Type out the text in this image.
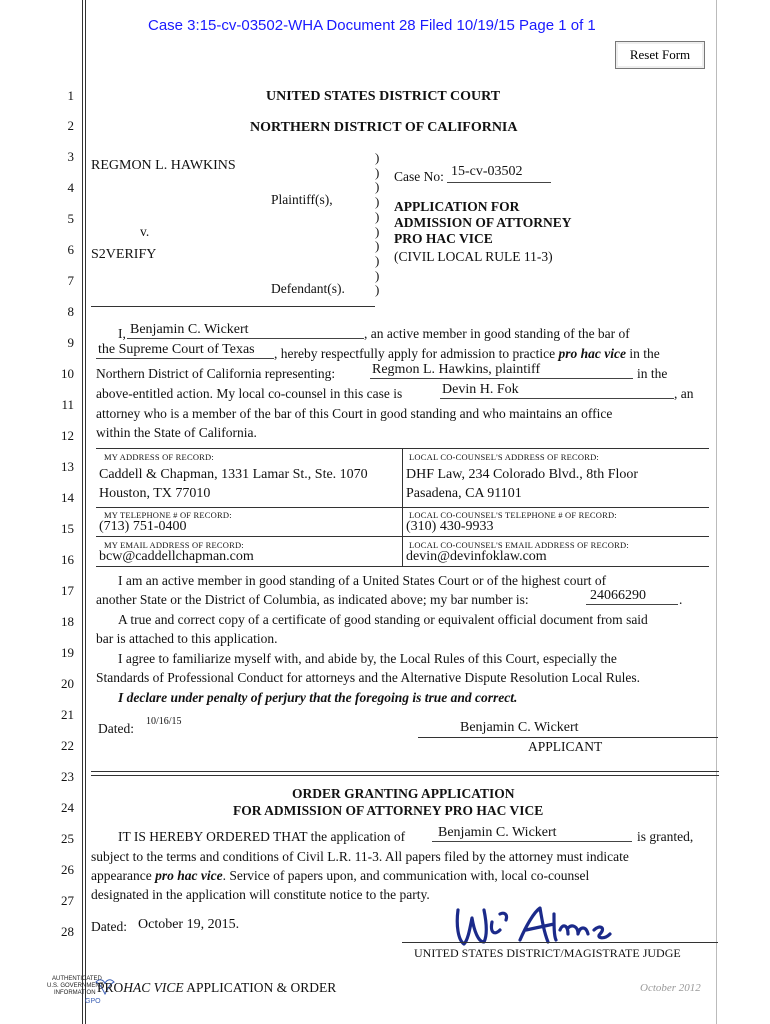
Case 3:15-cv-03502-WHA Document 28 Filed 10/19/15 Page 1 of 1
Reset Form
1
2
3
4
5
6
7
8
9
10
11
12
13
14
15
16
17
18
19
20
21
22
23
24
25
26
27
28
UNITED STATES DISTRICT COURT
NORTHERN DISTRICT OF CALIFORNIA
REGMON L. HAWKINS
Plaintiff(s),
v.
S2VERIFY
Defendant(s).
)
)
)
)
)
)
)
)
)
)
Case No: 15-cv-03502
APPLICATION FOR
ADMISSION OF ATTORNEY
PRO HAC VICE
(CIVIL LOCAL RULE 11-3)
I, Benjamin C. Wickert	, an active member in good standing of the bar of
the Supreme Court of Texas , hereby respectfully apply for admission to practice pro hac vice in the
Northern District of California representing:	Regmon L. Hawkins, plaintiff	in the
above-entitled action. My local co-counsel in this case is	Devin H. Fok	, an
attorney who is a member of the bar of this Court in good standing and who maintains an office
within the State of California.
MY ADDRESS OF RECORD:
Caddell & Chapman, 1331 Lamar St., Ste. 1070
Houston, TX 77010
LOCAL CO-COUNSEL'S ADDRESS OF RECORD:
DHF Law, 234 Colorado Blvd., 8th Floor
Pasadena, CA 91101
MY TELEPHONE # OF RECORD:
(713) 751-0400
LOCAL CO-COUNSEL'S TELEPHONE # OF RECORD:
(310) 430-9933
MY EMAIL ADDRESS OF RECORD:
bcw@caddellchapman.com
LOCAL CO-COUNSEL'S EMAIL ADDRESS OF RECORD:
devin@devinfoklaw.com
I am an active member in good standing of a United States Court or of the highest court of
another State or the District of Columbia, as indicated above; my bar number is:	24066290 .
A true and correct copy of a certificate of good standing or equivalent official document from said
bar is attached to this application.
I agree to familiarize myself with, and abide by, the Local Rules of this Court, especially the
Standards of Professional Conduct for attorneys and the Alternative Dispute Resolution Local Rules.
I declare under penalty of perjury that the foregoing is true and correct.
Dated: 10/16/15	Benjamin C. Wickert
APPLICANT
ORDER GRANTING APPLICATION
FOR ADMISSION OF ATTORNEY PRO HAC VICE
IT IS HEREBY ORDERED THAT the application of Benjamin C. Wickert	is granted,
subject to the terms and conditions of Civil L.R. 11-3. All papers filed by the attorney must indicate
appearance pro hac vice. Service of papers upon, and communication with, local co-counsel
designated in the application will constitute notice to the party.
Dated: October 19, 2015.
UNITED STATES DISTRICT/MAGISTRATE JUDGE
AUTHENTICATED
U.S. GOVERNMENT
INFORMATION
GPO
PROHAC VICE APPLICATION & ORDER	October 2012
